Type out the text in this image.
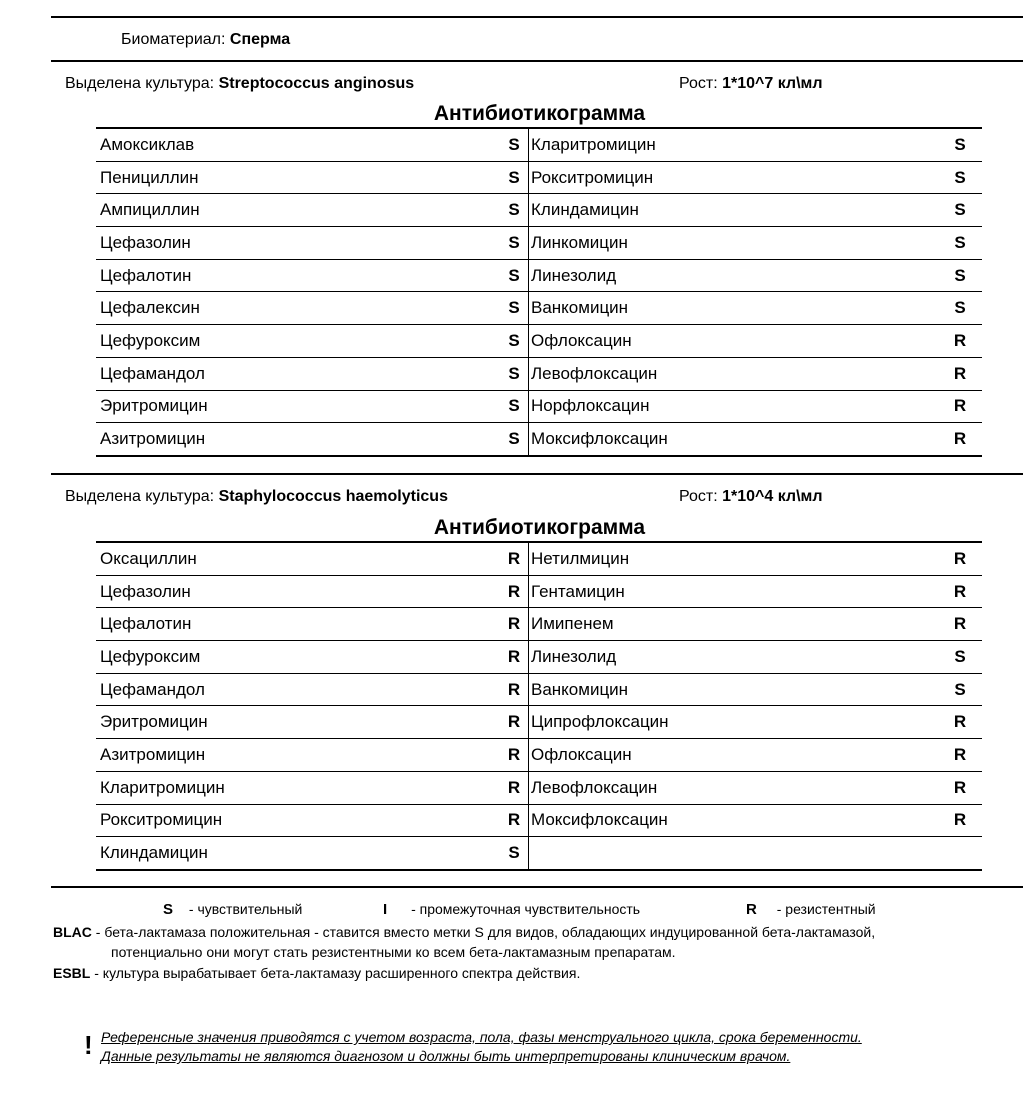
Биоматериал: Сперма
Выделена культура: Streptococcus anginosus	Рост: 1*10^7 кл\мл
Антибиотикограмма
Амоксиклав	S	Кларитромицин	S
Пенициллин	S	Рокситромицин	S
Ампициллин	S	Клиндамицин	S
Цефазолин	S	Линкомицин	S
Цефалотин	S	Линезолид	S
Цефалексин	S	Ванкомицин	S
Цефуроксим	S	Офлоксацин	R
Цефамандол	S	Левофлоксацин	R
Эритромицин	S	Норфлоксацин	R
Азитромицин	S	Моксифлоксацин	R
Выделена культура: Staphylococcus haemolyticus	Рост: 1*10^4 кл\мл
Антибиотикограмма
Оксациллин	R	Нетилмицин	R
Цефазолин	R	Гентамицин	R
Цефалотин	R	Имипенем	R
Цефуроксим	R	Линезолид	S
Цефамандол	R	Ванкомицин	S
Эритромицин	R	Ципрофлоксацин	R
Азитромицин	R	Офлоксацин	R
Кларитромицин	R	Левофлоксацин	R
Рокситромицин	R	Моксифлоксацин	R
Клиндамицин	S		
S - чувствительный	I - промежуточная чувствительность	R - резистентный
BLAC - бета-лактамаза положительная - ставится вместо метки S для видов, обладающих индуцированной бета-лактамазой,
потенциально они могут стать резистентными ко всем бета-лактамазным препаратам.
ESBL - культура вырабатывает бета-лактамазу расширенного спектра действия.
! Референсные значения приводятся с учетом возраста, пола, фазы менструального цикла, срока беременности.
Данные результаты не являются диагнозом и должны быть интерпретированы клиническим врачом.
